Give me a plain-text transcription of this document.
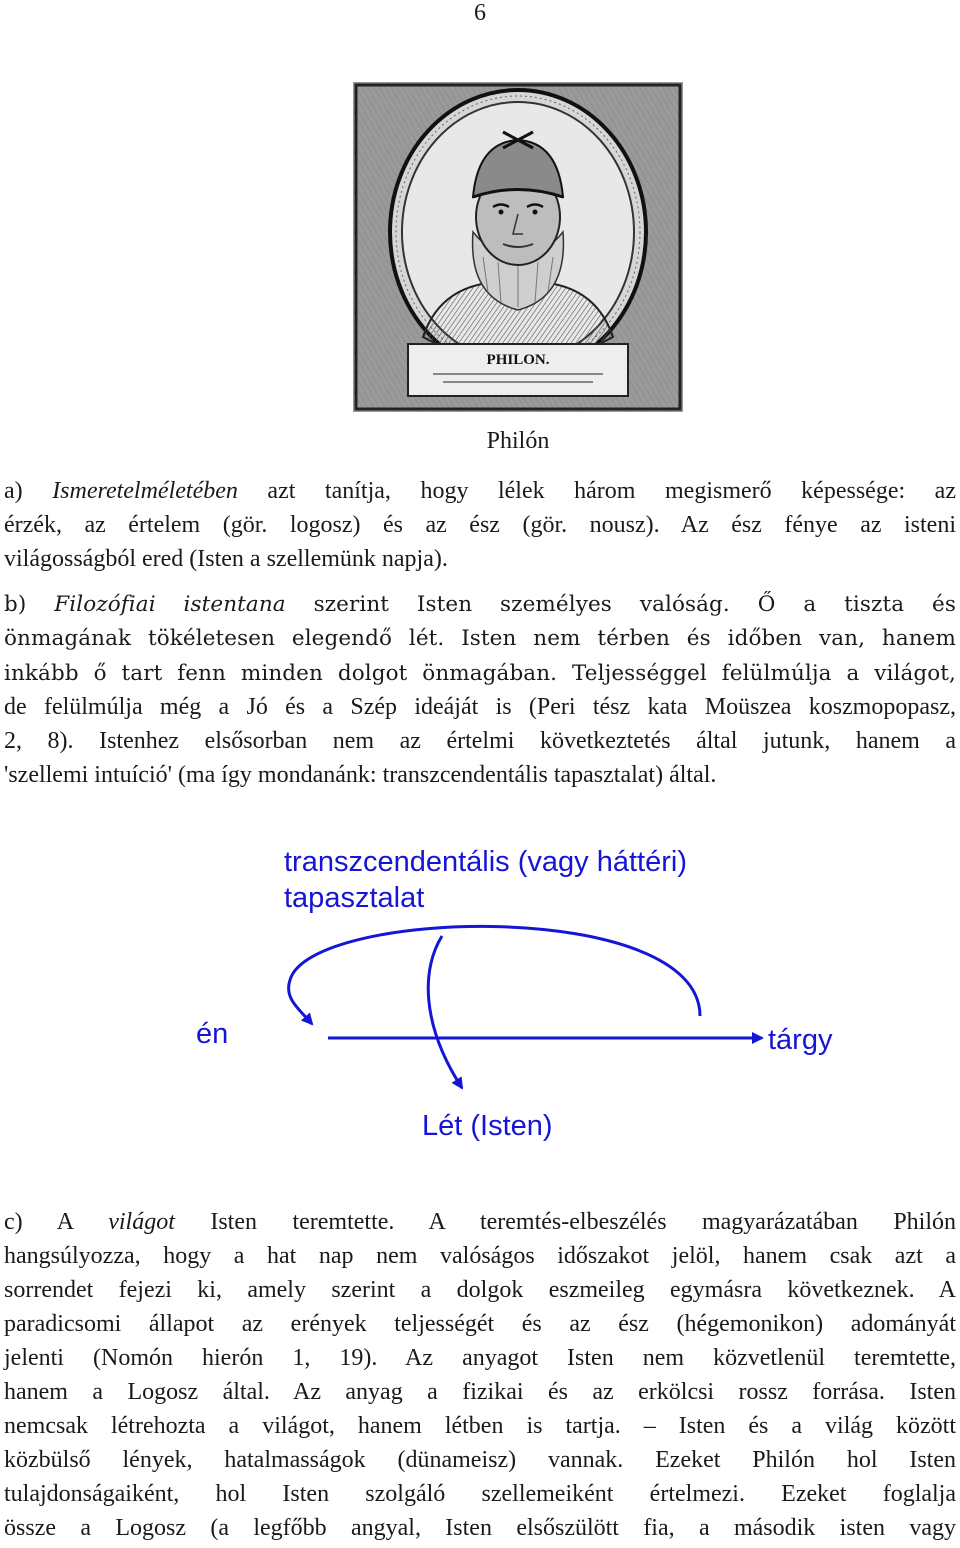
6
PHILON.
Philón
a) Ismeretelméletében azt tanítja, hogy lélek három megismerő képessége: az
érzék, az értelem (gör. logosz) és az ész (gör. nousz). Az ész fénye az isteni
világosságból ered (Isten a szellemünk napja).
b) Filozófiai istentana szerint Isten személyes valóság. Ő a tiszta és
önmagának tökéletesen elegendő lét. Isten nem térben és időben van, hanem
inkább ő tart fenn minden dolgot önmagában. Teljességgel felülmúlja a világot,
de felülmúlja még a Jó és a Szép ideáját is (Peri tész kata Moüszea koszmopopasz,
2, 8). Istenhez elsősorban nem az értelmi következtetés által jutunk, hanem a
'szellemi intuíció' (ma így mondanánk: transzcendentális tapasztalat) által.
transzcendentális (vagy háttéri)
tapasztalat
én	tárgy
Lét (Isten)
c) A világot Isten teremtette. A teremtés-elbeszélés magyarázatában Philón
hangsúlyozza, hogy a hat nap nem valóságos időszakot jelöl, hanem csak azt a
sorrendet fejezi ki, amely szerint a dolgok eszmeileg egymásra következnek. A
paradicsomi állapot az erények teljességét és az ész (hégemonikon) adományát
jelenti (Nomón hierón 1, 19). Az anyagot Isten nem közvetlenül teremtette,
hanem a Logosz által. Az anyag a fizikai és az erkölcsi rossz forrása. Isten
nemcsak létrehozta a világot, hanem létben is tartja. – Isten és a világ között
közbülső lények, hatalmasságok (dünameisz) vannak. Ezeket Philón hol Isten
tulajdonságaiként, hol Isten szolgáló szellemeiként értelmezi. Ezeket foglalja
össze a Logosz (a legfőbb angyal, Isten elsőszülött fia, a második isten vagy
